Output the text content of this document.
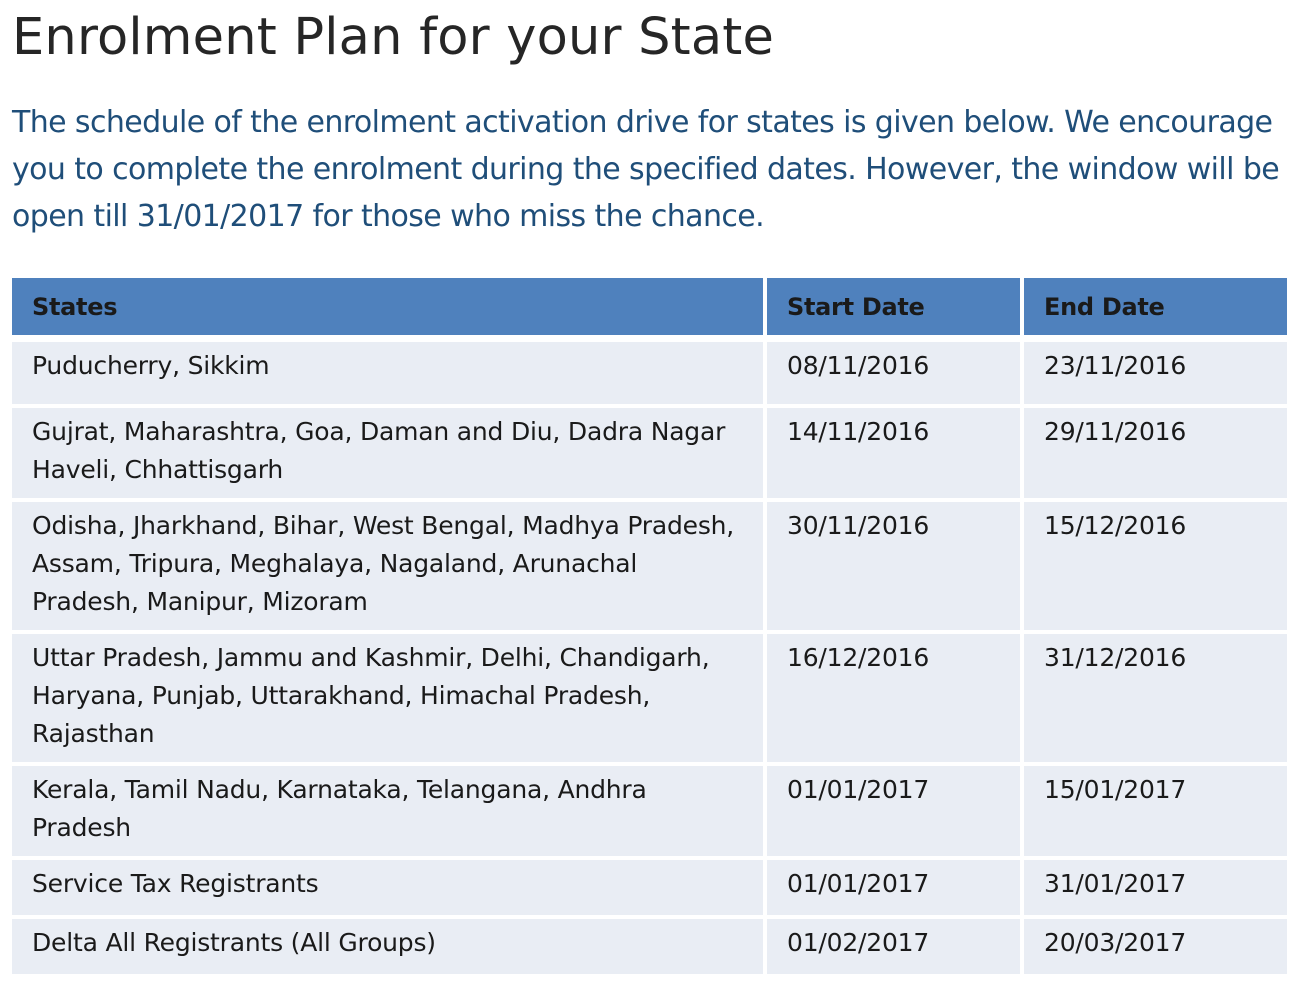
Enrolment Plan for your State

The schedule of the enrolment activation drive for states is given below. We encourage you to complete the enrolment during the specified dates. However, the window will be open till 31/01/2017 for those who miss the chance.

States	Start Date	End Date
Puducherry, Sikkim	08/11/2016	23/11/2016
Gujrat, Maharashtra, Goa, Daman and Diu, Dadra Nagar Haveli, Chhattisgarh	14/11/2016	29/11/2016
Odisha, Jharkhand, Bihar, West Bengal, Madhya Pradesh, Assam, Tripura, Meghalaya, Nagaland, Arunachal Pradesh, Manipur, Mizoram	30/11/2016	15/12/2016
Uttar Pradesh, Jammu and Kashmir, Delhi, Chandigarh, Haryana, Punjab, Uttarakhand, Himachal Pradesh, Rajasthan	16/12/2016	31/12/2016
Kerala, Tamil Nadu, Karnataka, Telangana, Andhra Pradesh	01/01/2017	15/01/2017
Service Tax Registrants	01/01/2017	31/01/2017
Delta All Registrants (All Groups)	01/02/2017	20/03/2017
